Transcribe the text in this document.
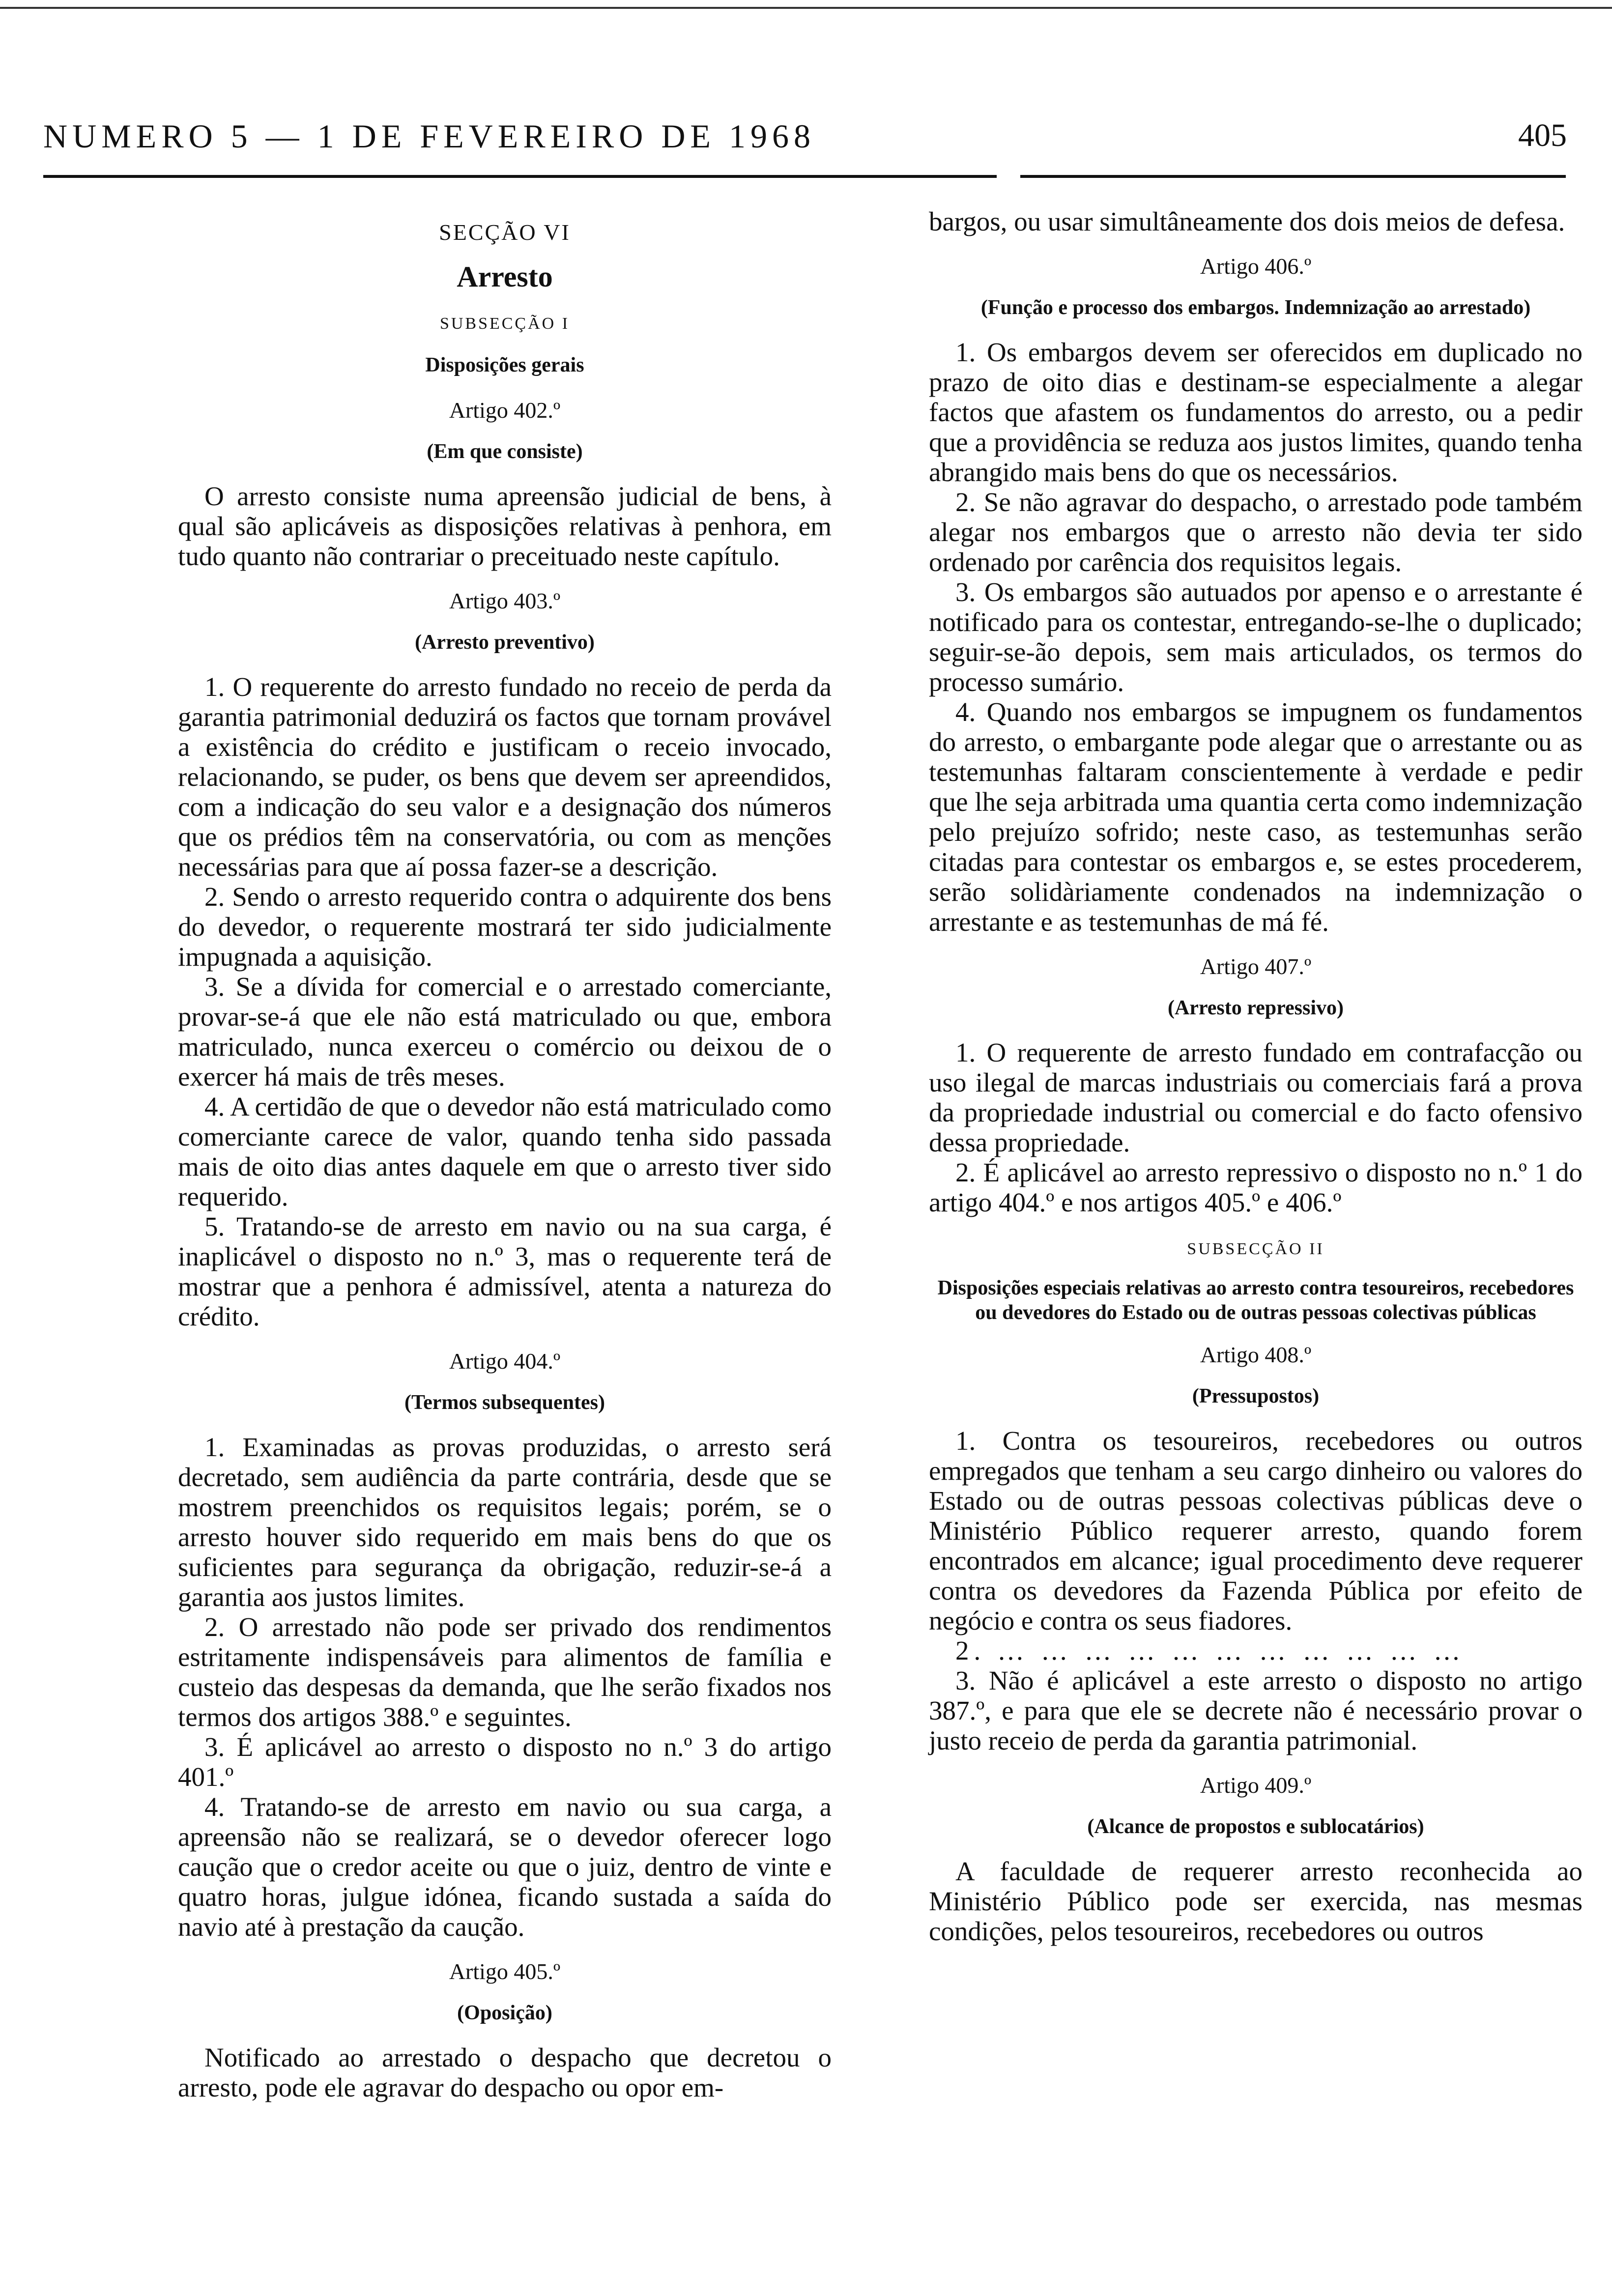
NUMERO 5 — 1 DE FEVEREIRO DE 1968	405
SECÇÃO VI
Arresto
SUBSECÇÃO I
Disposições gerais
Artigo 402.º
(Em que consiste)
O arresto consiste numa apreensão judicial de bens, à qual são aplicáveis as disposições relativas à penhora, em tudo quanto não contrariar o preceituado neste capítulo.
Artigo 403.º
(Arresto preventivo)
1. O requerente do arresto fundado no receio de perda da garantia patrimonial deduzirá os factos que tornam provável a existência do crédito e justificam o receio invocado, relacionando, se puder, os bens que devem ser apreendidos, com a indicação do seu valor e a designação dos números que os prédios têm na conservatória, ou com as menções necessárias para que aí possa fazer-se a descrição.
2. Sendo o arresto requerido contra o adquirente dos bens do devedor, o requerente mostrará ter sido judicialmente impugnada a aquisição.
3. Se a dívida for comercial e o arrestado comerciante, provar-se-á que ele não está matriculado ou que, embora matriculado, nunca exerceu o comércio ou deixou de o exercer há mais de três meses.
4. A certidão de que o devedor não está matriculado como comerciante carece de valor, quando tenha sido passada mais de oito dias antes daquele em que o arresto tiver sido requerido.
5. Tratando-se de arresto em navio ou na sua carga, é inaplicável o disposto no n.º 3, mas o requerente terá de mostrar que a penhora é admissível, atenta a natureza do crédito.
Artigo 404.º
(Termos subsequentes)
1. Examinadas as provas produzidas, o arresto será decretado, sem audiência da parte contrária, desde que se mostrem preenchidos os requisitos legais; porém, se o arresto houver sido requerido em mais bens do que os suficientes para segurança da obrigação, reduzir-se-á a garantia aos justos limites.
2. O arrestado não pode ser privado dos rendimentos estritamente indispensáveis para alimentos de família e custeio das despesas da demanda, que lhe serão fixados nos termos dos artigos 388.º e seguintes.
3. É aplicável ao arresto o disposto no n.º 3 do artigo 401.º
4. Tratando-se de arresto em navio ou sua carga, a apreensão não se realizará, se o devedor oferecer logo caução que o credor aceite ou que o juiz, dentro de vinte e quatro horas, julgue idónea, ficando sustada a saída do navio até à prestação da caução.
Artigo 405.º
(Oposição)
Notificado ao arrestado o despacho que decretou o arresto, pode ele agravar do despacho ou opor em-
bargos, ou usar simultâneamente dos dois meios de defesa.
Artigo 406.º
(Função e processo dos embargos. Indemnização ao arrestado)
1. Os embargos devem ser oferecidos em duplicado no prazo de oito dias e destinam-se especialmente a alegar factos que afastem os fundamentos do arresto, ou a pedir que a providência se reduza aos justos limites, quando tenha abrangido mais bens do que os necessários.
2. Se não agravar do despacho, o arrestado pode também alegar nos embargos que o arresto não devia ter sido ordenado por carência dos requisitos legais.
3. Os embargos são autuados por apenso e o arrestante é notificado para os contestar, entregando-se-lhe o duplicado; seguir-se-ão depois, sem mais articulados, os termos do processo sumário.
4. Quando nos embargos se impugnem os fundamentos do arresto, o embargante pode alegar que o arrestante ou as testemunhas faltaram conscientemente à verdade e pedir que lhe seja arbitrada uma quantia certa como indemnização pelo prejuízo sofrido; neste caso, as testemunhas serão citadas para contestar os embargos e, se estes procederem, serão solidàriamente condenados na indemnização o arrestante e as testemunhas de má fé.
Artigo 407.º
(Arresto repressivo)
1. O requerente de arresto fundado em contrafacção ou uso ilegal de marcas industriais ou comerciais fará a prova da propriedade industrial ou comercial e do facto ofensivo dessa propriedade.
2. É aplicável ao arresto repressivo o disposto no n.º 1 do artigo 404.º e nos artigos 405.º e 406.º
SUBSECÇÃO II
Disposições especiais relativas ao arresto contra tesoureiros, recebedores ou devedores do Estado ou de outras pessoas colectivas públicas
Artigo 408.º
(Pressupostos)
1. Contra os tesoureiros, recebedores ou outros empregados que tenham a seu cargo dinheiro ou valores do Estado ou de outras pessoas colectivas públicas deve o Ministério Público requerer arresto, quando forem encontrados em alcance; igual procedimento deve requerer contra os devedores da Fazenda Pública por efeito de negócio e contra os seus fiadores.
2. … … … … … … … … … … …
3. Não é aplicável a este arresto o disposto no artigo 387.º, e para que ele se decrete não é necessário provar o justo receio de perda da garantia patrimonial.
Artigo 409.º
(Alcance de propostos e sublocatários)
A faculdade de requerer arresto reconhecida ao Ministério Público pode ser exercida, nas mesmas condições, pelos tesoureiros, recebedores ou outros
